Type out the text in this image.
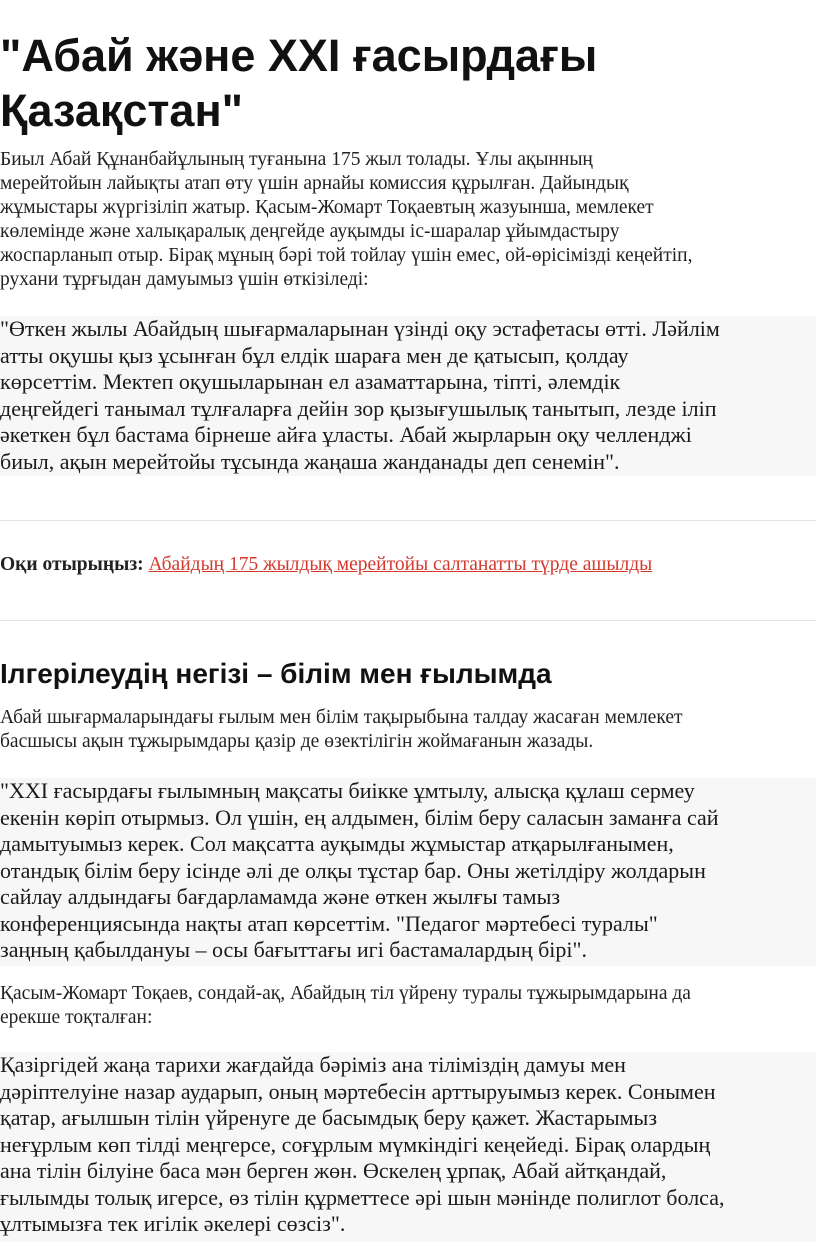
"Абай және XXI ғасырдағы
Қазақстан"

Биыл Абай Құнанбайұлының туғанына 175 жыл толады. Ұлы ақынның
мерейтойын лайықты атап өту үшін арнайы комиссия құрылған. Дайындық
жұмыстары жүргізіліп жатыр. Қасым-Жомарт Тоқаевтың жазуынша, мемлекет
көлемінде және халықаралық деңгейде ауқымды іс-шаралар ұйымдастыру
жоспарланып отыр. Бірақ мұның бәрі той тойлау үшін емес, ой-өрісімізді кеңейтіп,
рухани тұрғыдан дамуымыз үшін өткізіледі:

"Өткен жылы Абайдың шығармаларынан үзінді оқу эстафетасы өтті. Ләйлім
атты оқушы қыз ұсынған бұл елдік шараға мен де қатысып, қолдау
көрсеттім. Мектеп оқушыларынан ел азаматтарына, тіпті, әлемдік
деңгейдегі танымал тұлғаларға дейін зор қызығушылық танытып, лезде іліп
әкеткен бұл бастама бірнеше айға ұласты. Абай жырларын оқу челленджі
биыл, ақын мерейтойы тұсында жаңаша жанданады деп сенемін".
Оқи отырыңыз: Абайдың 175 жылдық мерейтойы салтанатты түрде ашылды
Ілгерілеудің негізі – білім мен ғылымда

Абай шығармаларындағы ғылым мен білім тақырыбына талдау жасаған мемлекет
басшысы ақын тұжырымдары қазір де өзектілігін жоймағанын жазады.

"XXI ғасырдағы ғылымның мақсаты биікке ұмтылу, алысқа құлаш сермеу
екенін көріп отырмыз. Ол үшін, ең алдымен, білім беру саласын заманға сай
дамытуымыз керек. Сол мақсатта ауқымды жұмыстар атқарылғанымен,
отандық білім беру ісінде әлі де олқы тұстар бар. Оны жетілдіру жолдарын
сайлау алдындағы бағдарламамда және өткен жылғы тамыз
конференциясында нақты атап көрсеттім. "Педагог мәртебесі туралы"
заңның қабылдануы – осы бағыттағы игі бастамалардың бірі".

Қасым-Жомарт Тоқаев, сондай-ақ, Абайдың тіл үйрену туралы тұжырымдарына да
ерекше тоқталған:

Қазіргідей жаңа тарихи жағдайда бәріміз ана тіліміздің дамуы мен
дәріптелуіне назар аударып, оның мәртебесін арттыруымыз керек. Сонымен
қатар, ағылшын тілін үйренуге де басымдық беру қажет. Жастарымыз
неғұрлым көп тілді меңгерсе, соғұрлым мүмкіндігі кеңейеді. Бірақ олардың
ана тілін білуіне баса мән берген жөн. Өскелең ұрпақ, Абай айтқандай,
ғылымды толық игерсе, өз тілін құрметтесе әрі шын мәнінде полиглот болса,
ұлтымызға тек игілік әкелері сөзсіз".
